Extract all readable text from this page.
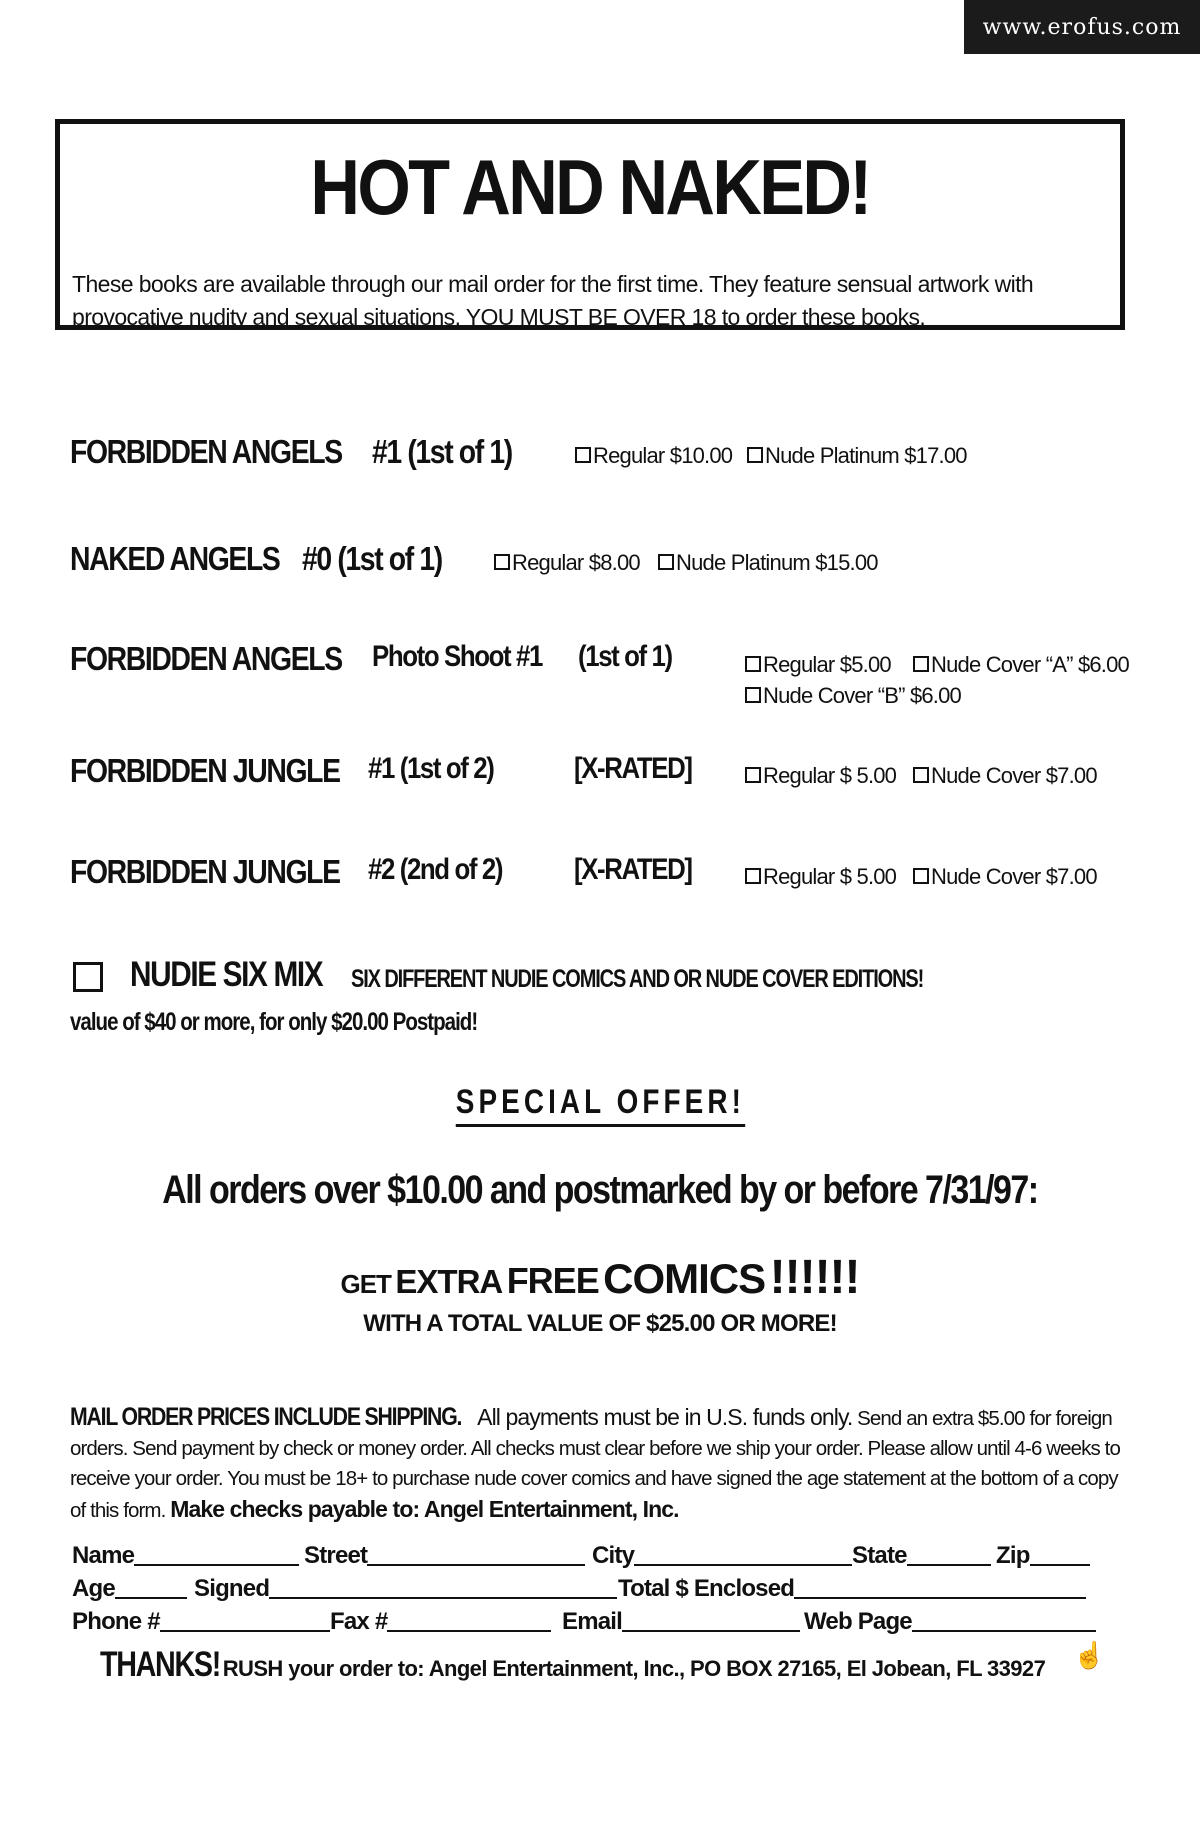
www.erofus.com
HOT AND NAKED!

These books are available through our mail order for the first time. They feature sensual artwork with provocative nudity and sexual situations. YOU MUST BE OVER 18 to order these books.

FORBIDDEN ANGELS #1 (1st of 1)	Regular $10.00	Nude Platinum $17.00
NAKED ANGELS #0 (1st of 1)	Regular $8.00	Nude Platinum $15.00
FORBIDDEN ANGELS Photo Shoot #1 (1st of 1)	Regular $5.00	Nude Cover “A” $6.00
Nude Cover “B” $6.00
FORBIDDEN JUNGLE #1 (1st of 2)	[X-RATED]	Regular $ 5.00	Nude Cover $7.00
FORBIDDEN JUNGLE #2 (2nd of 2) [X-RATED]	Regular $ 5.00	Nude Cover $7.00
NUDIE SIX MIX SIX DIFFERENT NUDIE COMICS AND OR NUDE COVER EDITIONS!
value of $40 or more, for only $20.00 Postpaid!
SPECIAL OFFER!
All orders over $10.00 and postmarked by or before 7/31/97:
GET EXTRA FREE COMICS !!!!!!
WITH A TOTAL VALUE OF $25.00 OR MORE!
MAIL ORDER PRICES INCLUDE SHIPPING. All payments must be in U.S. funds only. Send an extra $5.00 for foreign orders. Send payment by check or money order. All checks must clear before we ship your order. Please allow until 4-6 weeks to receive your order. You must be 18+ to purchase nude cover comics and have signed the age statement at the bottom of a copy of this form. Make checks payable to: Angel Entertainment, Inc.
Name	Street	City	State	Zip
Age	Signed	Total $ Enclosed
Phone #	Fax #	Email	Web Page
THANKS! RUSH your order to: Angel Entertainment, Inc., PO BOX 27165, El Jobean, FL 33927 ☝
